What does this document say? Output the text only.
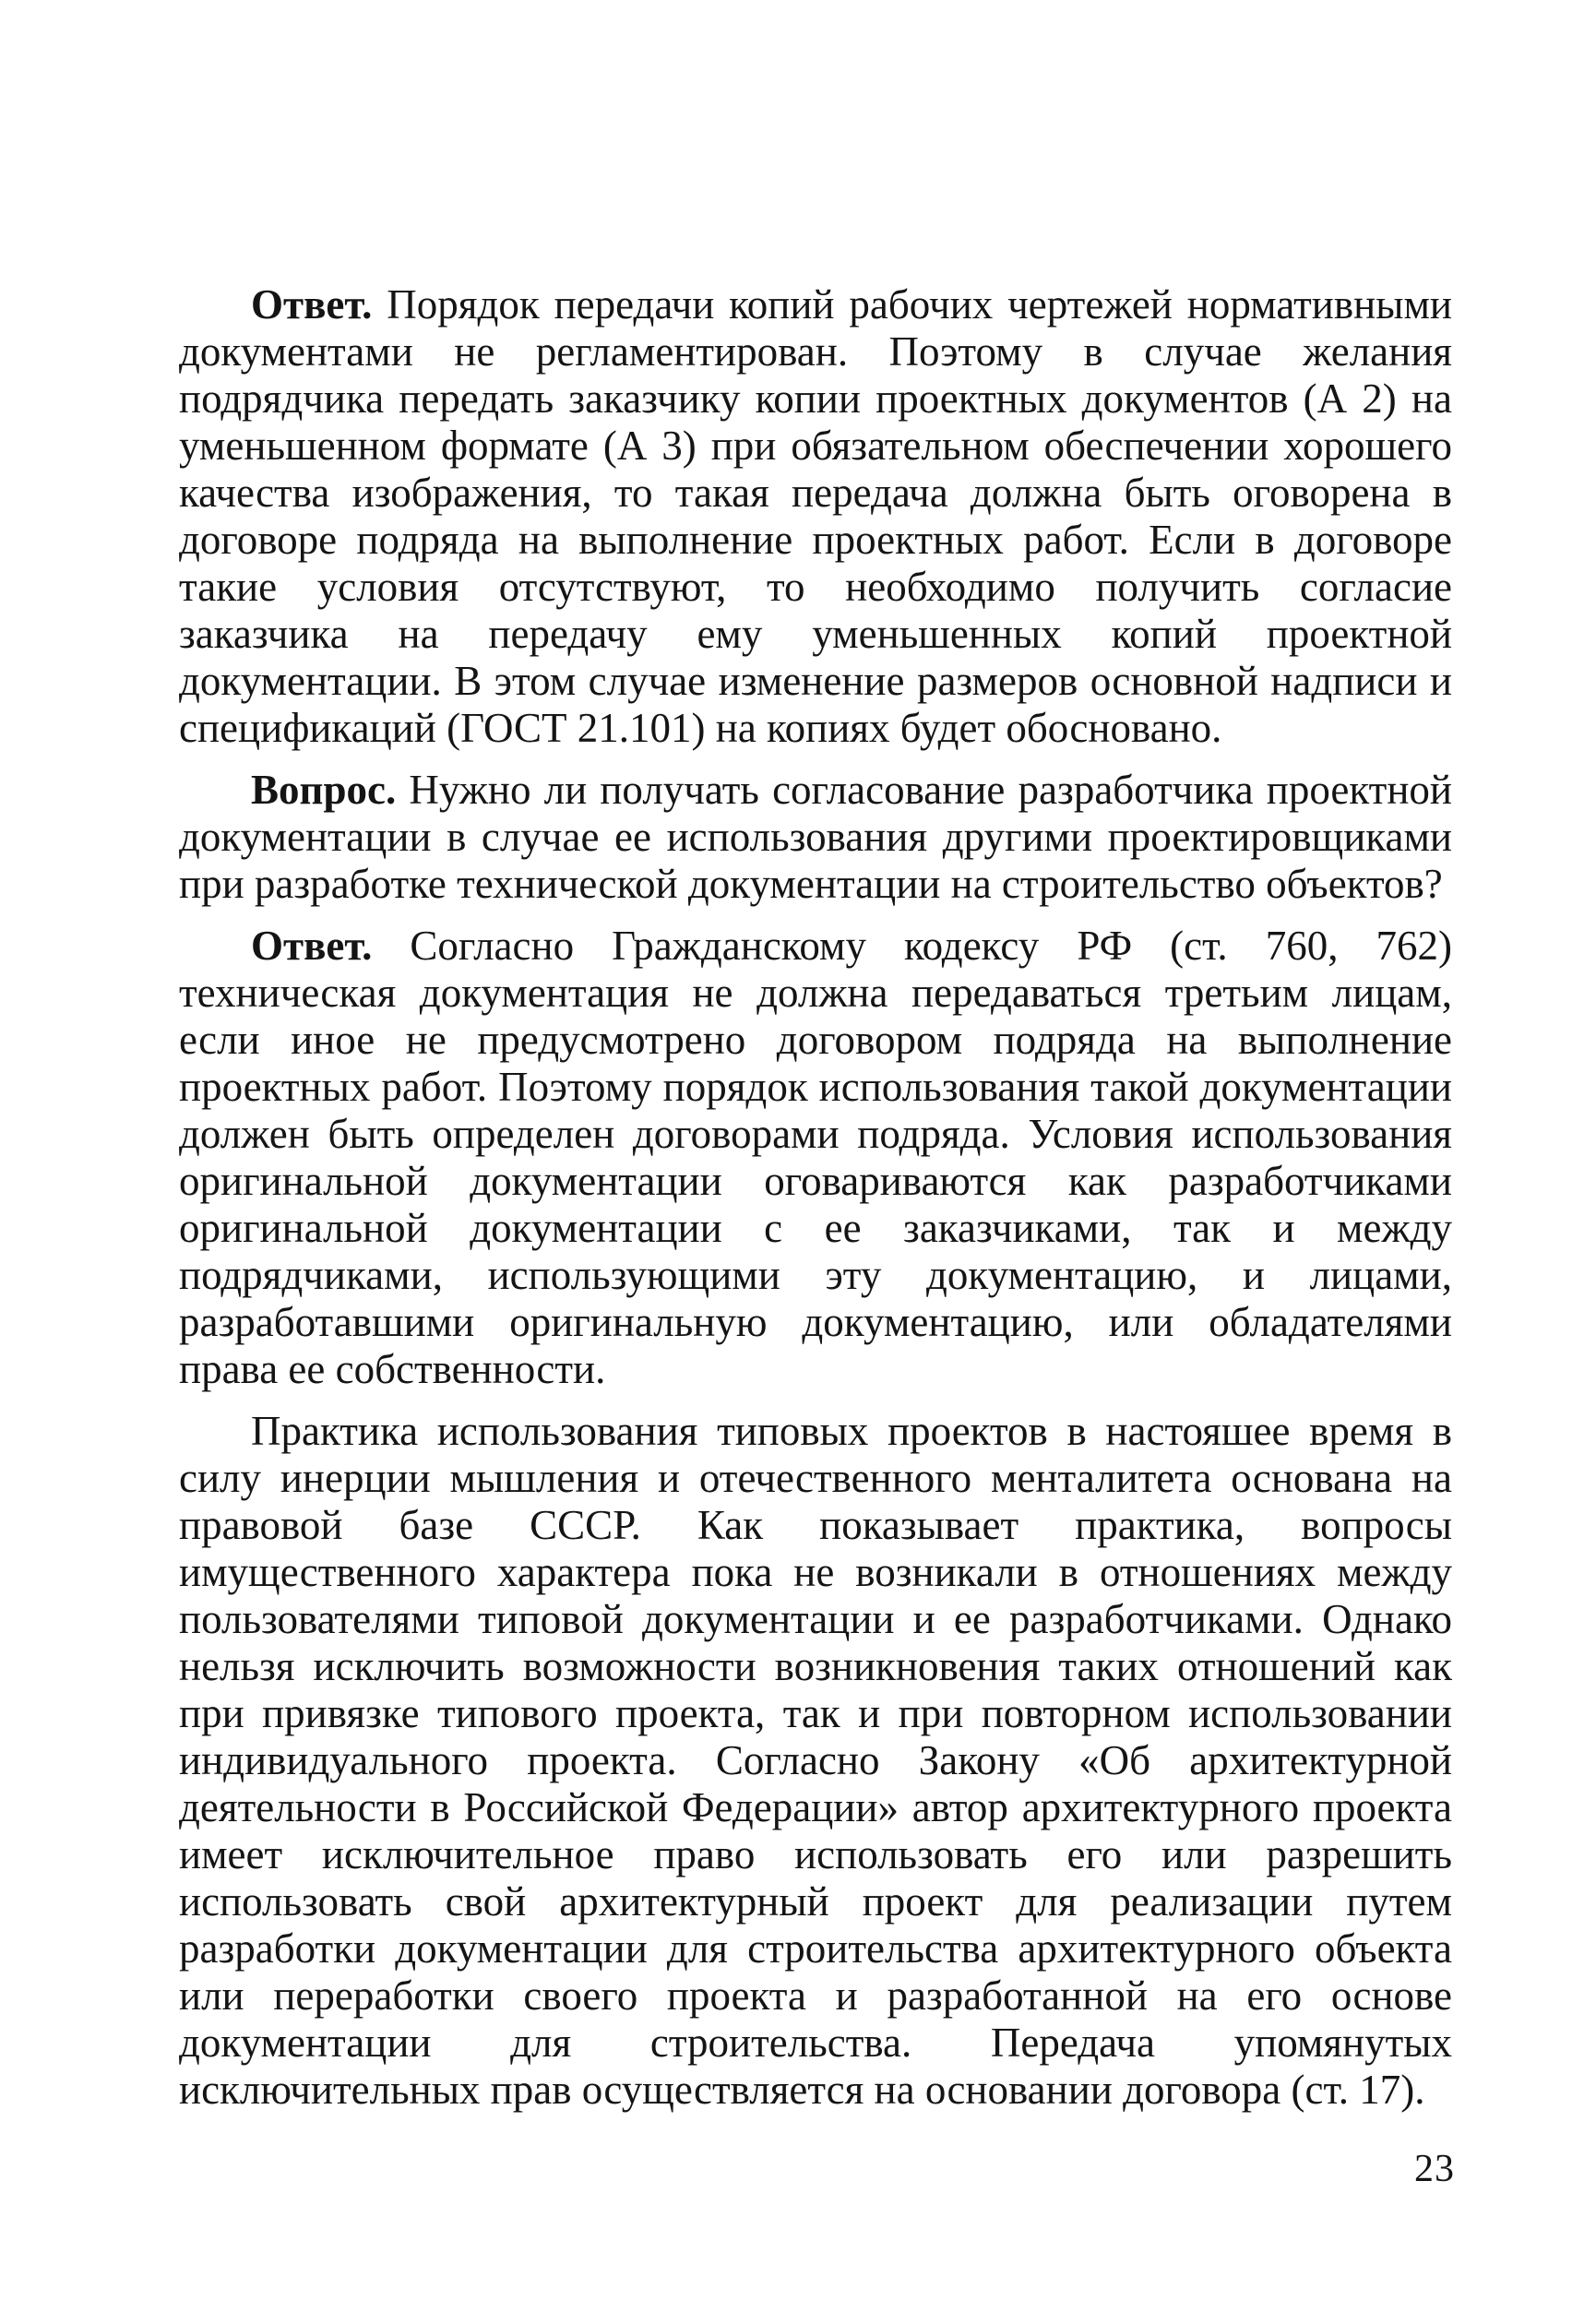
Ответ. Порядок передачи копий рабочих чертежей нормативными документами не регламентирован. Поэтому в случае желания подрядчика передать заказчику копии проектных документов (А 2) на уменьшенном формате (А 3) при обязательном обеспечении хорошего качества изображения, то такая передача должна быть оговорена в договоре подряда на выполнение проектных работ. Если в договоре такие условия отсутствуют, то необходимо получить согласие заказчика на передачу ему уменьшенных копий проектной документации. В этом случае изменение размеров основной надписи и спецификаций (ГОСТ 21.101) на копиях будет обосновано.

Вопрос. Нужно ли получать согласование разработчика проектной документации в случае ее использования другими проектировщиками при разработке технической документации на строительство объектов?

Ответ. Согласно Гражданскому кодексу РФ (ст. 760, 762) техническая документация не должна передаваться третьим лицам, если иное не предусмотрено договором подряда на выполнение проектных работ. Поэтому порядок использования такой документации должен быть определен договорами подряда. Условия использования оригинальной документации оговариваются как разработчиками оригинальной документации с ее заказчиками, так и между подрядчиками, использующими эту документацию, и лицами, разработавшими оригинальную документацию, или обладателями права ее собственности.

Практика использования типовых проектов в настояшее время в силу инерции мышления и отечественного менталитета основана на правовой базе СССР. Как показывает практика, вопросы имущественного характера пока не возникали в отношениях между пользователями типовой документации и ее разработчиками. Однако нельзя исключить возможности возникновения таких отношений как при привязке типового проекта, так и при повторном использовании индивидуального проекта. Согласно Закону «Об архитектурной деятельности в Российской Федерации» автор архитектурного проекта имеет исключительное право использовать его или разрешить использовать свой архитектурный проект для реализации путем разработки документации для строительства архитектурного объекта или переработки своего проекта и разработанной на его основе документации для строительства. Передача упомянутых исключительных прав осуществляется на основании договора (ст. 17).

23
